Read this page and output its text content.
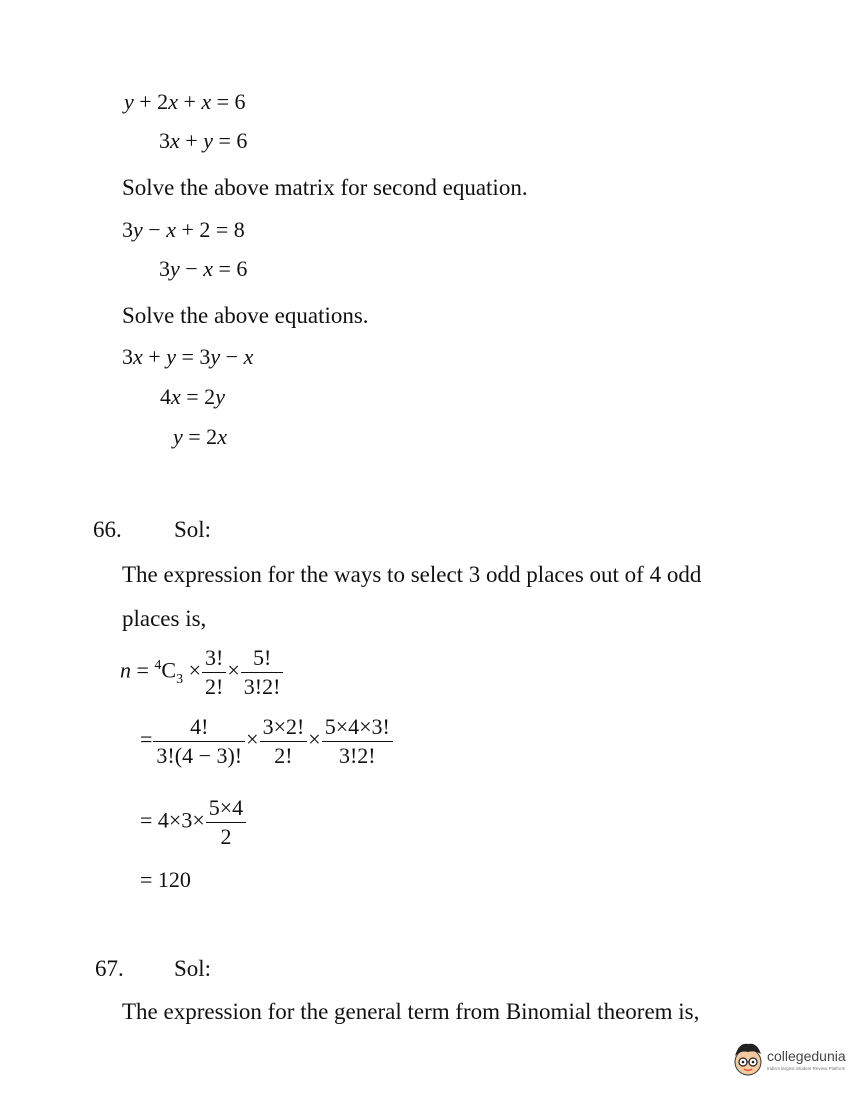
y + 2x + x = 6
3x + y = 6
Solve the above matrix for second equation.
3y − x + 2 = 8
3y − x = 6
Solve the above equations.
3x + y = 3y − x
4x = 2y
y = 2x
66. Sol:
The expression for the ways to select 3 odd places out of 4 odd
places is,
$n = ^4C_3 \times \frac{3!}{2!} \times \frac{5!}{3!2!}$
= $\frac{4!}{3!(4 - 3)!} \times \frac{3\times 2!}{2!} \times \frac{5\times 4\times 3!}{3!2!}$
= $4\times 3\times \frac{5\times 4}{2}$
= 120
67. Sol:
The expression for the general term from Binomial theorem is,
collegedunia
India's largest Student Review Platform
